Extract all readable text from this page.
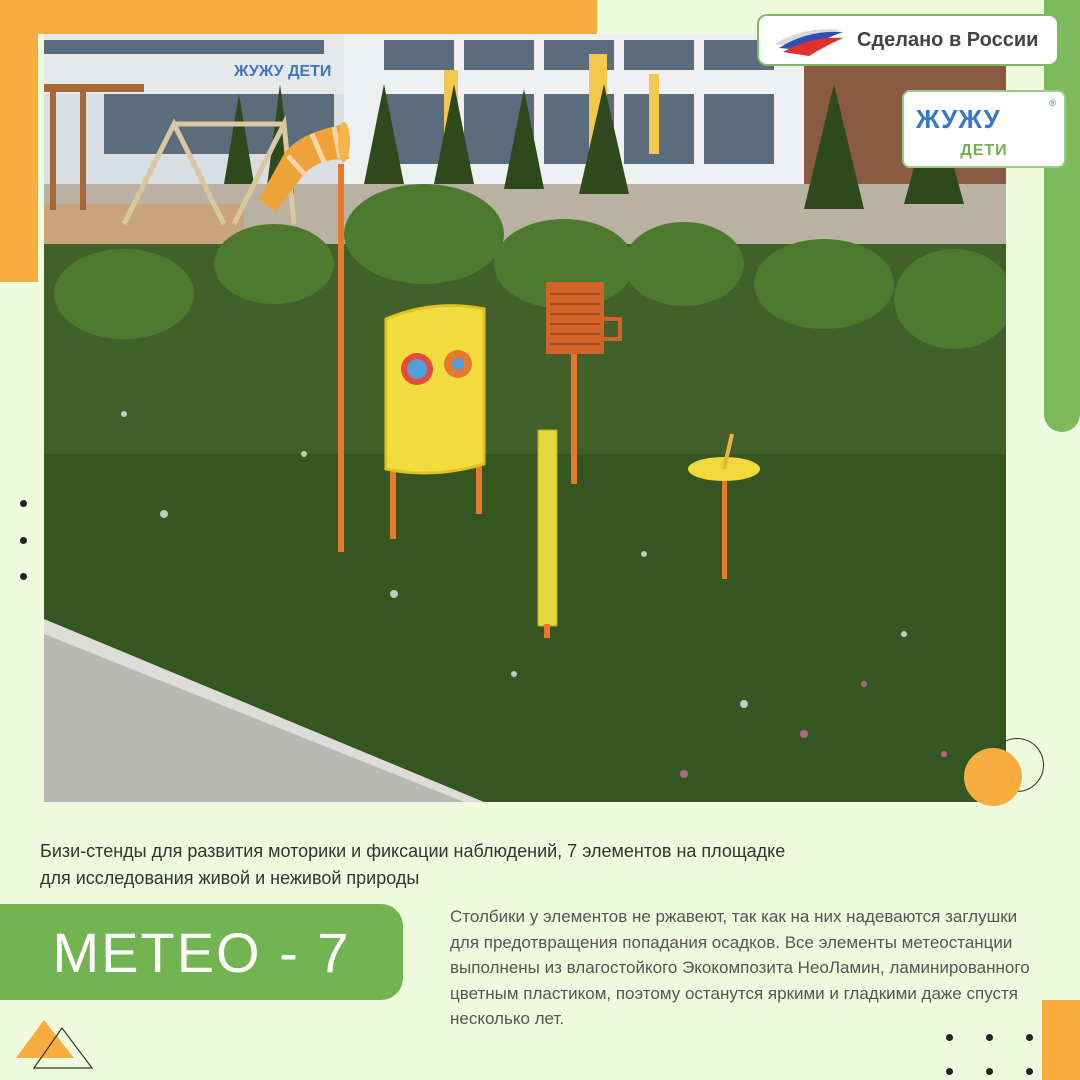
ЖУЖУ ДЕТИ
Сделано в России
ЖУЖУ
®
ДЕТИ
Бизи-стенды для развития моторики и фиксации наблюдений, 7 элементов на площадке
для исследования живой и неживой природы
МЕТЕО - 7
Столбики у элементов не ржавеют, так как на них надеваются заглушки для предотвращения попадания осадков. Все элементы метеостанции выполнены из влагостойкого Экокомпозита НеоЛамин, ламинированного цветным пластиком, поэтому останутся яркими и гладкими даже спустя несколько лет.
